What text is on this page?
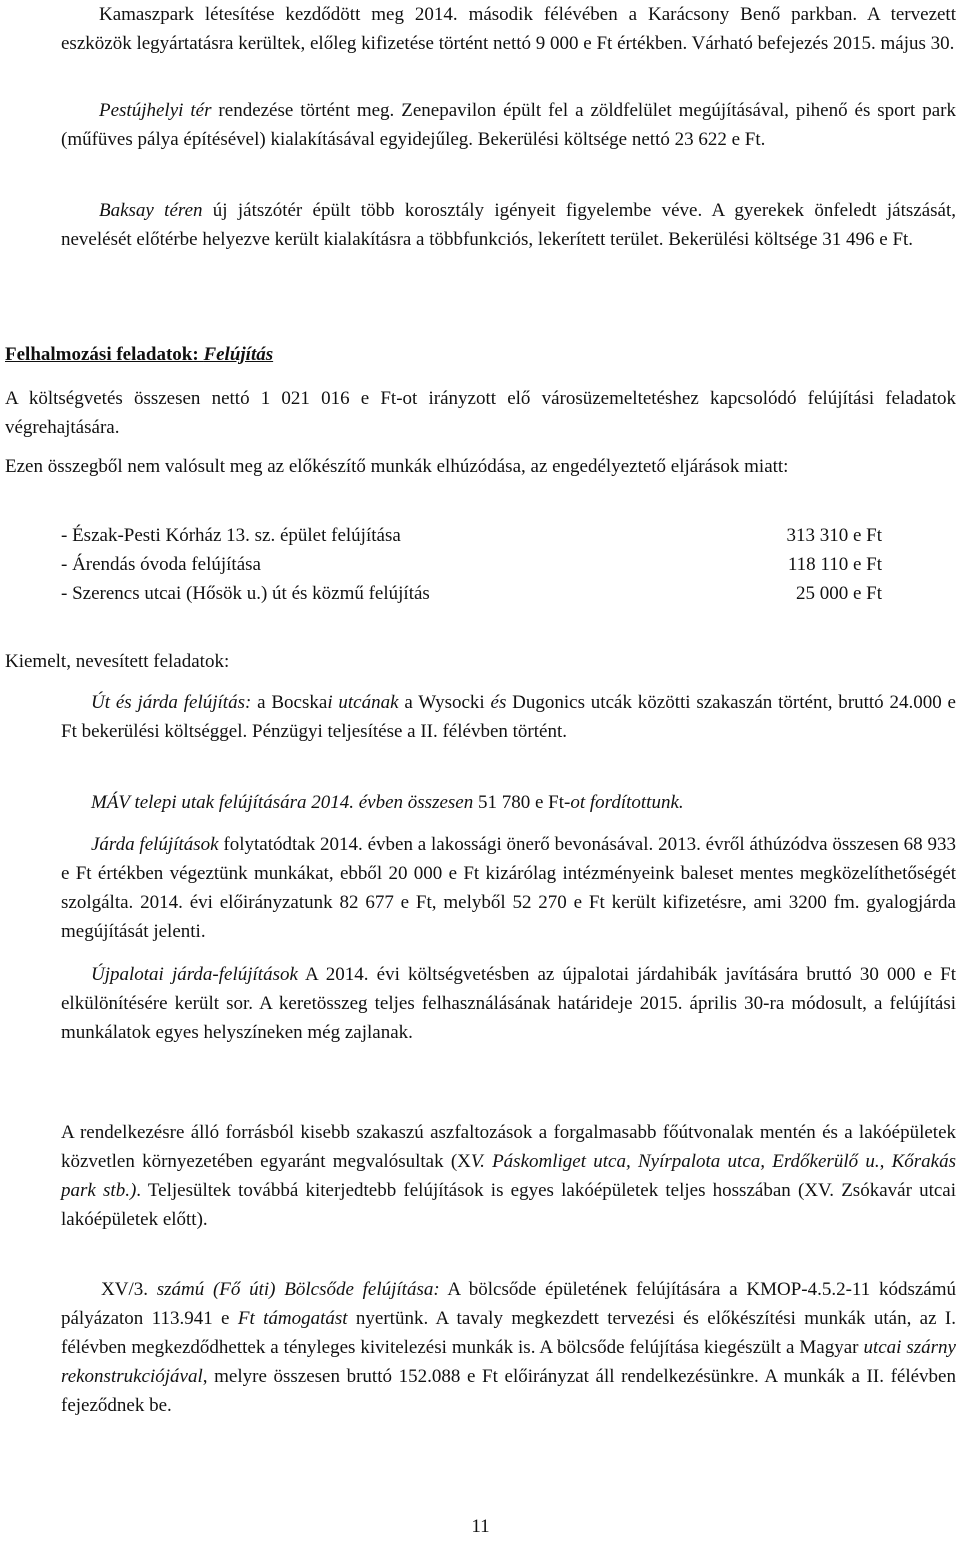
Kamaszpark létesítése kezdődött meg 2014. második félévében a Karácsony Benő parkban. A tervezett eszközök legyártatásra kerültek, előleg kifizetése történt nettó 9 000 e Ft értékben. Várható befejezés 2015. május 30.

Pestújhelyi tér rendezése történt meg. Zenepavilon épült fel a zöldfelület megújításával, pihenő és sport park (műfüves pálya építésével) kialakításával egyidejűleg. Bekerülési költsége nettó 23 622 e Ft.

Baksay téren új játszótér épült több korosztály igényeit figyelembe véve. A gyerekek önfeledt játszását, nevelését előtérbe helyezve került kialakításra a többfunkciós, lekerített terület. Bekerülési költsége 31 496 e Ft.

Felhalmozási feladatok: Felújítás

A költségvetés összesen nettó 1 021 016 e Ft-ot irányzott elő városüzemeltetéshez kapcsolódó felújítási feladatok végrehajtására.

Ezen összegből nem valósult meg az előkészítő munkák elhúzódása, az engedélyeztető eljárások miatt:

- Észak-Pesti Kórház 13. sz. épület felújítása	313 310 e Ft
- Árendás óvoda felújítása	118 110 e Ft
- Szerencs utcai (Hősök u.) út és közmű felújítás	25 000 e Ft

Kiemelt, nevesített feladatok:

Út és járda felújítás: a Bocskai utcának a Wysocki és Dugonics utcák közötti szakaszán történt, bruttó 24.000 e Ft bekerülési költséggel. Pénzügyi teljesítése a II. félévben történt.

MÁV telepi utak felújítására 2014. évben összesen 51 780 e Ft-ot fordítottunk.

Járda felújítások folytatódtak 2014. évben a lakossági önerő bevonásával. 2013. évről áthúzódva összesen 68 933 e Ft értékben végeztünk munkákat, ebből 20 000 e Ft kizárólag intézményeink baleset mentes megközelíthetőségét szolgálta. 2014. évi előirányzatunk 82 677 e Ft, melyből 52 270 e Ft került kifizetésre, ami 3200 fm. gyalogjárda megújítását jelenti.

Újpalotai járda-felújítások A 2014. évi költségvetésben az újpalotai járdahibák javítására bruttó 30 000 e Ft elkülönítésére került sor. A keretösszeg teljes felhasználásának határideje 2015. április 30-ra módosult, a felújítási munkálatok egyes helyszíneken még zajlanak.

A rendelkezésre álló forrásból kisebb szakaszú aszfaltozások a forgalmasabb főútvonalak mentén és a lakóépületek közvetlen környezetében egyaránt megvalósultak (XV. Páskomliget utca, Nyírpalota utca, Erdőkerülő u., Kőrakás park stb.). Teljesültek továbbá kiterjedtebb felújítások is egyes lakóépületek teljes hosszában (XV. Zsókavár utcai lakóépületek előtt).

XV/3. számú (Fő úti) Bölcsőde felújítása: A bölcsőde épületének felújítására a KMOP-4.5.2-11 kódszámú pályázaton 113.941 e Ft támogatást nyertünk. A tavaly megkezdett tervezési és előkészítési munkák után, az I. félévben megkezdődhettek a tényleges kivitelezési munkák is. A bölcsőde felújítása kiegészült a Magyar utcai szárny rekonstrukciójával, melyre összesen bruttó 152.088 e Ft előirányzat áll rendelkezésünkre. A munkák a II. félévben fejeződnek be.

11
